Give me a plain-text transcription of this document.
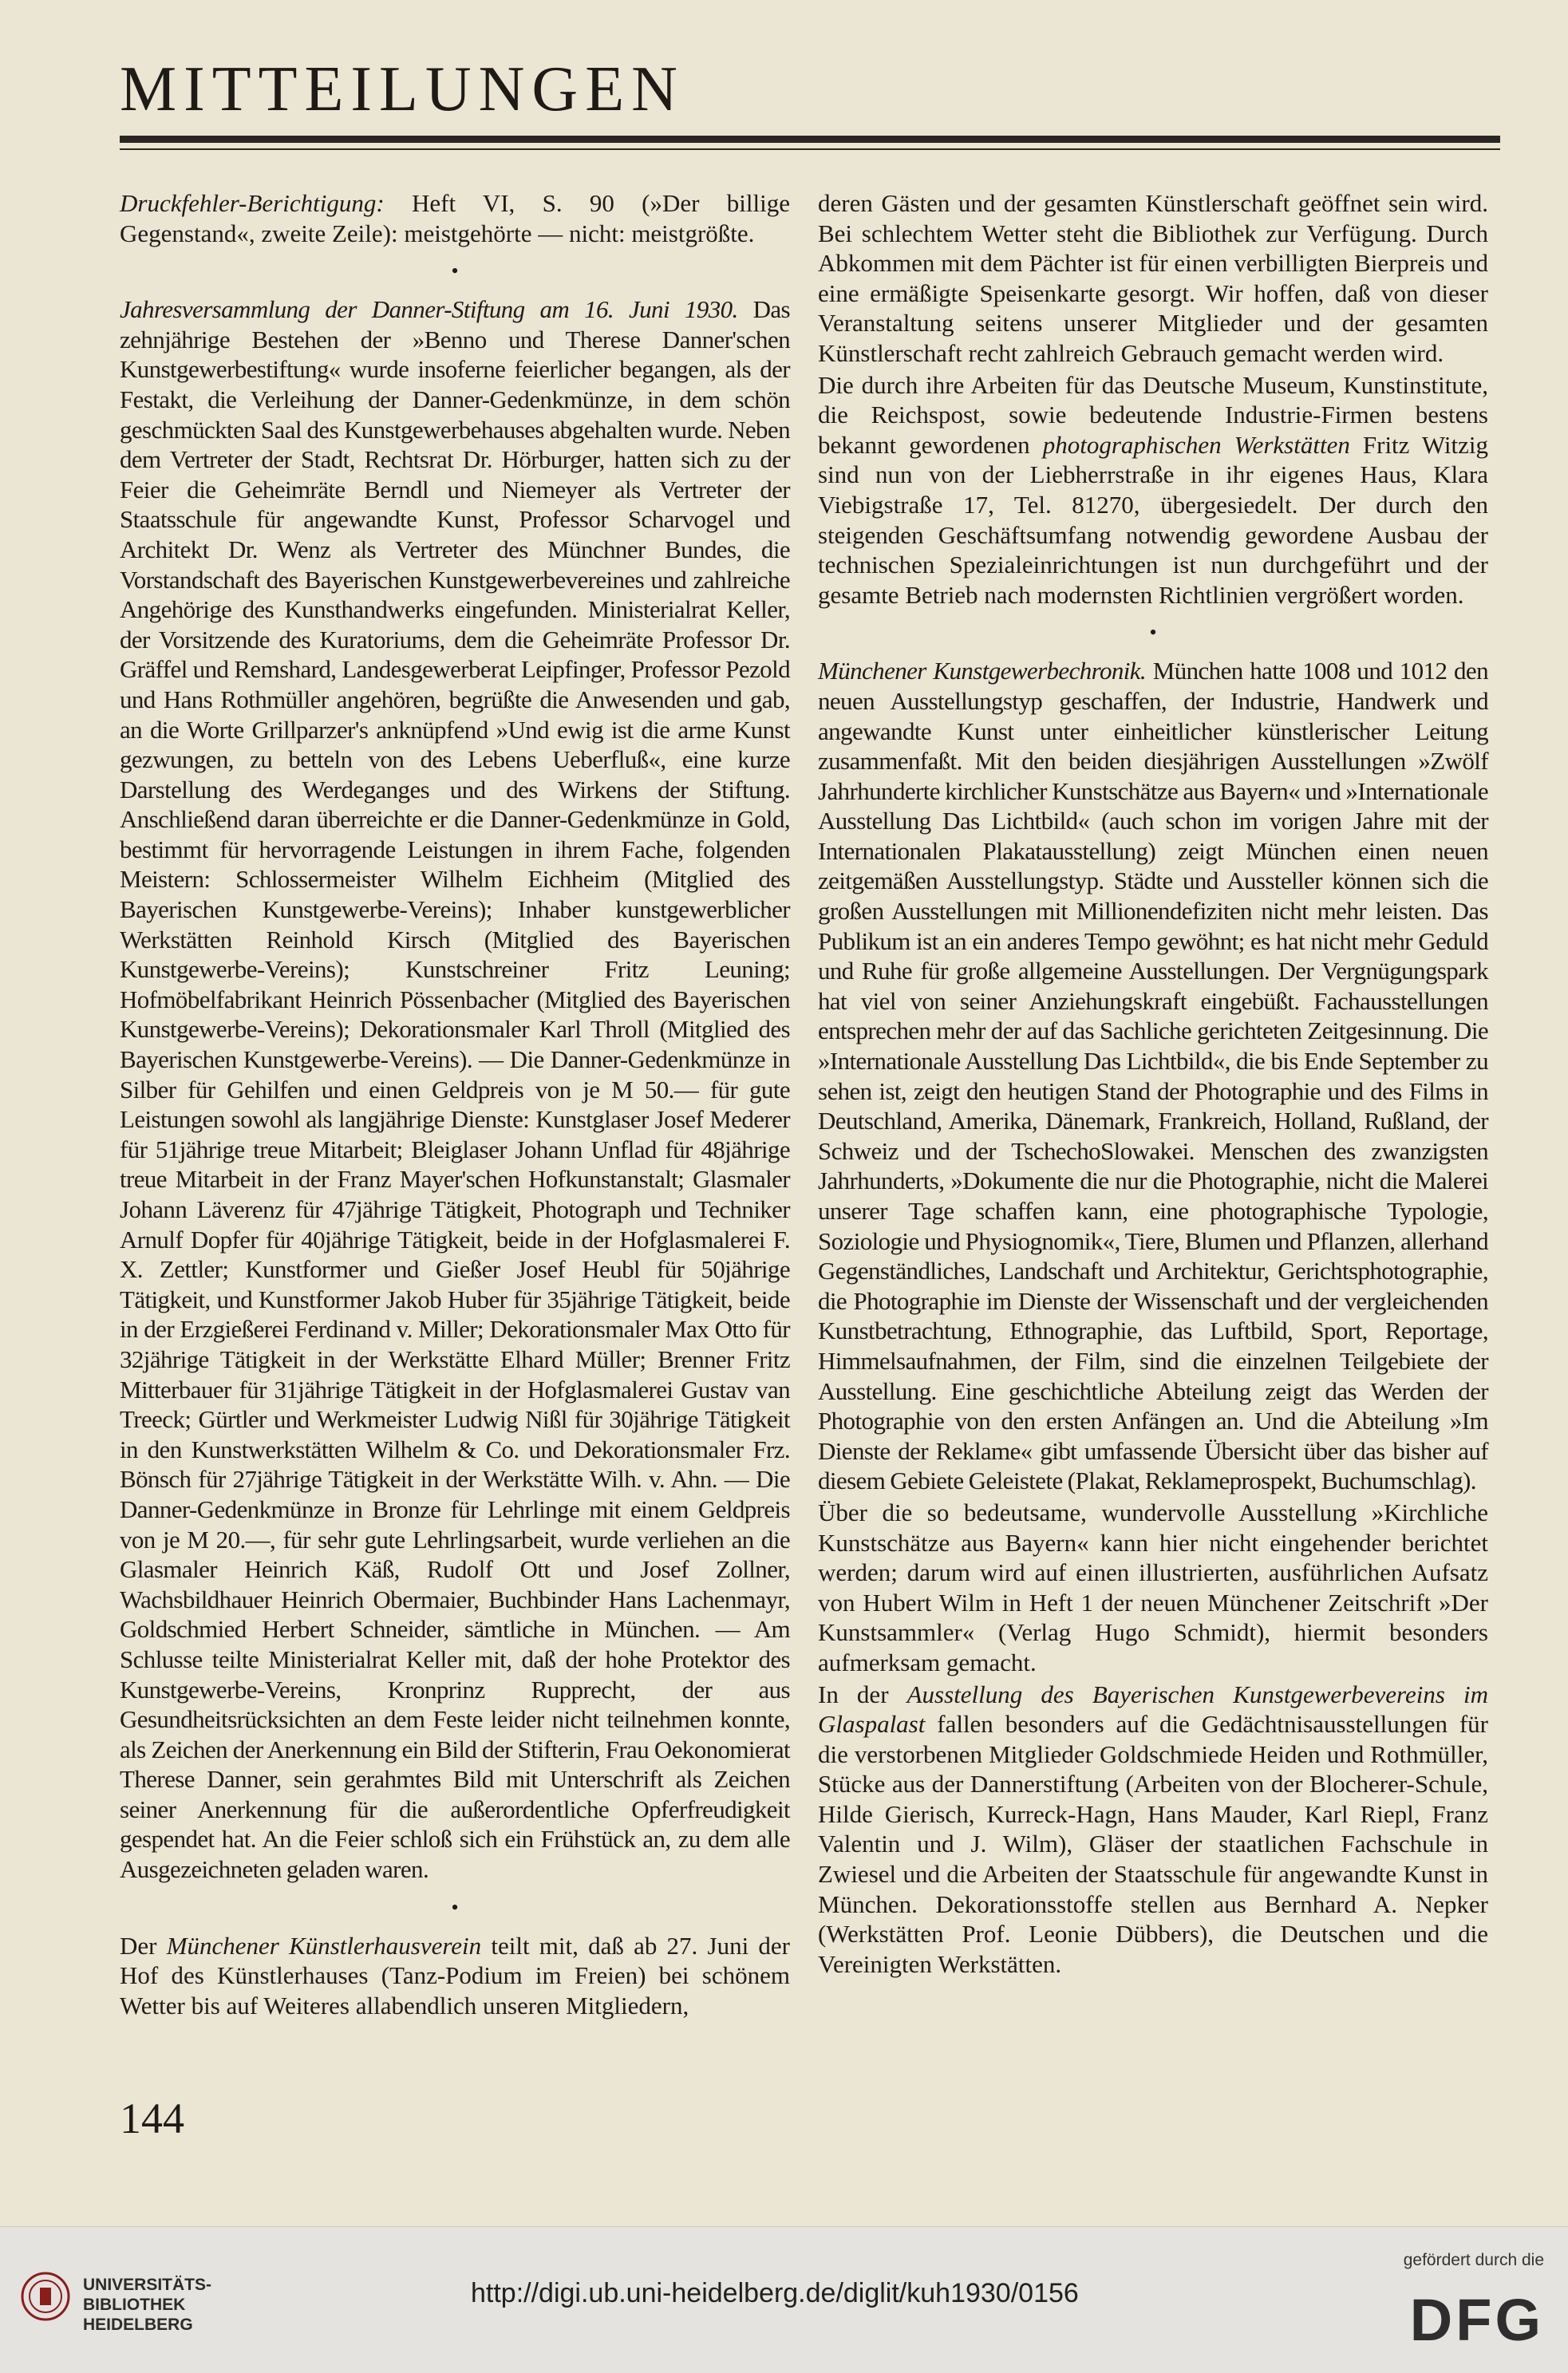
MITTEILUNGEN

Druckfehler-Berichtigung: Heft VI, S. 90 (»Der billige Gegenstand«, zweite Zeile): meistgehörte — nicht: meistgrößte.

•

Jahresversammlung der Danner-Stiftung am 16. Juni 1930. Das zehnjährige Bestehen der »Benno und Therese Danner'schen Kunstgewerbestiftung« wurde insoferne feierlicher begangen, als der Festakt, die Verleihung der Danner-Gedenkmünze, in dem schön geschmückten Saal des Kunstgewerbehauses abgehalten wurde. Neben dem Vertreter der Stadt, Rechtsrat Dr. Hörburger, hatten sich zu der Feier die Geheimräte Berndl und Niemeyer als Vertreter der Staatsschule für angewandte Kunst, Professor Scharvogel und Architekt Dr. Wenz als Vertreter des Münchner Bundes, die Vorstandschaft des Bayerischen Kunstgewerbevereines und zahlreiche Angehörige des Kunsthandwerks eingefunden. Ministerialrat Keller, der Vorsitzende des Kuratoriums, dem die Geheimräte Professor Dr. Gräffel und Remshard, Landesgewerberat Leipfinger, Professor Pezold und Hans Rothmüller angehören, begrüßte die Anwesenden und gab, an die Worte Grillparzer's anknüpfend »Und ewig ist die arme Kunst gezwungen, zu betteln von des Lebens Ueberfluß«, eine kurze Darstellung des Werdeganges und des Wirkens der Stiftung. Anschließend daran überreichte er die Danner-Gedenkmünze in Gold, bestimmt für hervorragende Leistungen in ihrem Fache, folgenden Meistern: Schlossermeister Wilhelm Eichheim (Mitglied des Bayerischen Kunstgewerbe-Vereins); Inhaber kunstgewerblicher Werkstätten Reinhold Kirsch (Mitglied des Bayerischen Kunstgewerbe-Vereins); Kunstschreiner Fritz Leuning; Hofmöbelfabrikant Heinrich Pössenbacher (Mitglied des Bayerischen Kunstgewerbe-Vereins); Dekorationsmaler Karl Throll (Mitglied des Bayerischen Kunstgewerbe-Vereins). — Die Danner-Gedenkmünze in Silber für Gehilfen und einen Geldpreis von je M 50.— für gute Leistungen sowohl als langjährige Dienste: Kunstglaser Josef Mederer für 51jährige treue Mitarbeit; Bleiglaser Johann Unflad für 48jährige treue Mitarbeit in der Franz Mayer'schen Hofkunstanstalt; Glasmaler Johann Läverenz für 47jährige Tätigkeit, Photograph und Techniker Arnulf Dopfer für 40jährige Tätigkeit, beide in der Hofglasmalerei F. X. Zettler; Kunstformer und Gießer Josef Heubl für 50jährige Tätigkeit, und Kunstformer Jakob Huber für 35jährige Tätigkeit, beide in der Erzgießerei Ferdinand v. Miller; Dekorationsmaler Max Otto für 32jährige Tätigkeit in der Werkstätte Elhard Müller; Brenner Fritz Mitterbauer für 31jährige Tätigkeit in der Hofglasmalerei Gustav van Treeck; Gürtler und Werkmeister Ludwig Nißl für 30jährige Tätigkeit in den Kunstwerkstätten Wilhelm & Co. und Dekorationsmaler Frz. Bönsch für 27jährige Tätigkeit in der Werkstätte Wilh. v. Ahn. — Die Danner-Gedenkmünze in Bronze für Lehrlinge mit einem Geldpreis von je M 20.—, für sehr gute Lehrlingsarbeit, wurde verliehen an die Glasmaler Heinrich Käß, Rudolf Ott und Josef Zollner, Wachsbildhauer Heinrich Obermaier, Buchbinder Hans Lachenmayr, Goldschmied Herbert Schneider, sämtliche in München. — Am Schlusse teilte Ministerialrat Keller mit, daß der hohe Protektor des Kunstgewerbe-Vereins, Kronprinz Rupprecht, der aus Gesundheitsrücksichten an dem Feste leider nicht teilnehmen konnte, als Zeichen der Anerkennung ein Bild der Stifterin, Frau Oekonomierat Therese Danner, sein gerahmtes Bild mit Unterschrift als Zeichen seiner Anerkennung für die außerordentliche Opferfreudigkeit gespendet hat. An die Feier schloß sich ein Frühstück an, zu dem alle Ausgezeichneten geladen waren.

•

Der Münchener Künstlerhausverein teilt mit, daß ab 27. Juni der Hof des Künstlerhauses (Tanz-Podium im Freien) bei schönem Wetter bis auf Weiteres allabendlich unseren Mitgliedern,

deren Gästen und der gesamten Künstlerschaft geöffnet sein wird. Bei schlechtem Wetter steht die Bibliothek zur Verfügung. Durch Abkommen mit dem Pächter ist für einen verbilligten Bierpreis und eine ermäßigte Speisenkarte gesorgt. Wir hoffen, daß von dieser Veranstaltung seitens unserer Mitglieder und der gesamten Künstlerschaft recht zahlreich Gebrauch gemacht werden wird.

Die durch ihre Arbeiten für das Deutsche Museum, Kunstinstitute, die Reichspost, sowie bedeutende Industrie-Firmen bestens bekannt gewordenen photographischen Werkstätten Fritz Witzig sind nun von der Liebherrstraße in ihr eigenes Haus, Klara Viebigstraße 17, Tel. 81270, übergesiedelt. Der durch den steigenden Geschäftsumfang notwendig gewordene Ausbau der technischen Spezialeinrichtungen ist nun durchgeführt und der gesamte Betrieb nach modernsten Richtlinien vergrößert worden.

•

Münchener Kunstgewerbechronik. München hatte 1008 und 1012 den neuen Ausstellungstyp geschaffen, der Industrie, Handwerk und angewandte Kunst unter einheitlicher künstlerischer Leitung zusammenfaßt. Mit den beiden diesjährigen Ausstellungen »Zwölf Jahrhunderte kirchlicher Kunstschätze aus Bayern« und »Internationale Ausstellung Das Lichtbild« (auch schon im vorigen Jahre mit der Internationalen Plakatausstellung) zeigt München einen neuen zeitgemäßen Ausstellungstyp. Städte und Aussteller können sich die großen Ausstellungen mit Millionendefiziten nicht mehr leisten. Das Publikum ist an ein anderes Tempo gewöhnt; es hat nicht mehr Geduld und Ruhe für große allgemeine Ausstellungen. Der Vergnügungspark hat viel von seiner Anziehungskraft eingebüßt. Fachausstellungen entsprechen mehr der auf das Sachliche gerichteten Zeitgesinnung. Die »Internationale Ausstellung Das Lichtbild«, die bis Ende September zu sehen ist, zeigt den heutigen Stand der Photographie und des Films in Deutschland, Amerika, Dänemark, Frankreich, Holland, Rußland, der Schweiz und der TschechoSlowakei. Menschen des zwanzigsten Jahrhunderts, »Dokumente die nur die Photographie, nicht die Malerei unserer Tage schaffen kann, eine photographische Typologie, Soziologie und Physiognomik«, Tiere, Blumen und Pflanzen, allerhand Gegenständliches, Landschaft und Architektur, Gerichtsphotographie, die Photographie im Dienste der Wissenschaft und der vergleichenden Kunstbetrachtung, Ethnographie, das Luftbild, Sport, Reportage, Himmelsaufnahmen, der Film, sind die einzelnen Teilgebiete der Ausstellung. Eine geschichtliche Abteilung zeigt das Werden der Photographie von den ersten Anfängen an. Und die Abteilung »Im Dienste der Reklame« gibt umfassende Übersicht über das bisher auf diesem Gebiete Geleistete (Plakat, Reklameprospekt, Buchumschlag).

Über die so bedeutsame, wundervolle Ausstellung »Kirchliche Kunstschätze aus Bayern« kann hier nicht eingehender berichtet werden; darum wird auf einen illustrierten, ausführlichen Aufsatz von Hubert Wilm in Heft 1 der neuen Münchener Zeitschrift »Der Kunstsammler« (Verlag Hugo Schmidt), hiermit besonders aufmerksam gemacht.

In der Ausstellung des Bayerischen Kunstgewerbevereins im Glaspalast fallen besonders auf die Gedächtnisausstellungen für die verstorbenen Mitglieder Goldschmiede Heiden und Rothmüller, Stücke aus der Dannerstiftung (Arbeiten von der Blocherer-Schule, Hilde Gierisch, Kurreck-Hagn, Hans Mauder, Karl Riepl, Franz Valentin und J. Wilm), Gläser der staatlichen Fachschule in Zwiesel und die Arbeiten der Staatsschule für angewandte Kunst in München. Dekorationsstoffe stellen aus Bernhard A. Nepker (Werkstätten Prof. Leonie Dübbers), die Deutschen und die Vereinigten Werkstätten.

144
UNIVERSITÄTS-
BIBLIOTHEK
HEIDELBERG
http://digi.ub.uni-heidelberg.de/diglit/kuh1930/0156
gefördert durch die
DFG
